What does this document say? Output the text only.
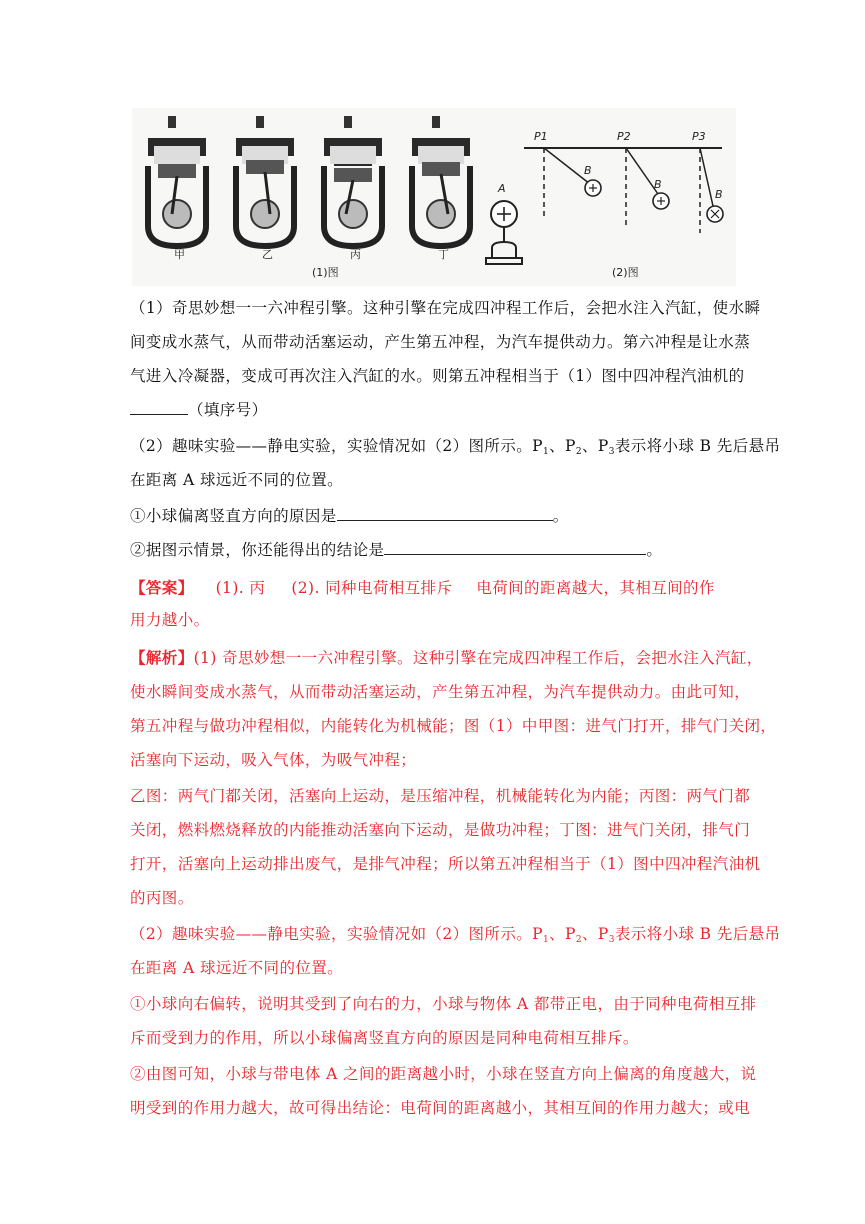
甲	乙	丙	丁
(1)图
A
P1	P2	P3
B
B
B
(2)图
（1）奇思妙想一一六冲程引擎。这种引擎在完成四冲程工作后，会把水注入汽缸，使水瞬
间变成水蒸气，从而带动活塞运动，产生第五冲程，为汽车提供动力。第六冲程是让水蒸
气进入冷凝器，变成可再次注入汽缸的水。则第五冲程相当于（1）图中四冲程汽油机的
（填序号）
（2）趣味实验——静电实验，实验情况如（2）图所示。$P_1$、$P_2$、$P_3$表示将小球 B 先后悬吊
在距离 A 球远近不同的位置。
①小球偏离竖直方向的原因是	。
②据图示情景，你还能得出的结论是	。
【答案】 (1). 丙 (2). 同种电荷相互排斥 电荷间的距离越大，其相互间的作
用力越小。
【解析】(1) 奇思妙想一一六冲程引擎。这种引擎在完成四冲程工作后，会把水注入汽缸，
使水瞬间变成水蒸气，从而带动活塞运动，产生第五冲程，为汽车提供动力。由此可知，
第五冲程与做功冲程相似，内能转化为机械能；图（1）中甲图：进气门打开，排气门关闭，
活塞向下运动，吸入气体，为吸气冲程；
乙图：两气门都关闭，活塞向上运动，是压缩冲程，机械能转化为内能；丙图：两气门都
关闭，燃料燃烧释放的内能推动活塞向下运动，是做功冲程；丁图：进气门关闭，排气门
打开，活塞向上运动排出废气，是排气冲程；所以第五冲程相当于（1）图中四冲程汽油机
的丙图。
（2）趣味实验——静电实验，实验情况如（2）图所示。$P_1$、$P_2$、$P_3$表示将小球 B 先后悬吊
在距离 A 球远近不同的位置。
①小球向右偏转，说明其受到了向右的力，小球与物体 A 都带正电，由于同种电荷相互排
斥而受到力的作用，所以小球偏离竖直方向的原因是同种电荷相互排斥。
②由图可知，小球与带电体 A 之间的距离越小时，小球在竖直方向上偏离的角度越大，说
明受到的作用力越大，故可得出结论：电荷间的距离越小，其相互间的作用力越大；或电
